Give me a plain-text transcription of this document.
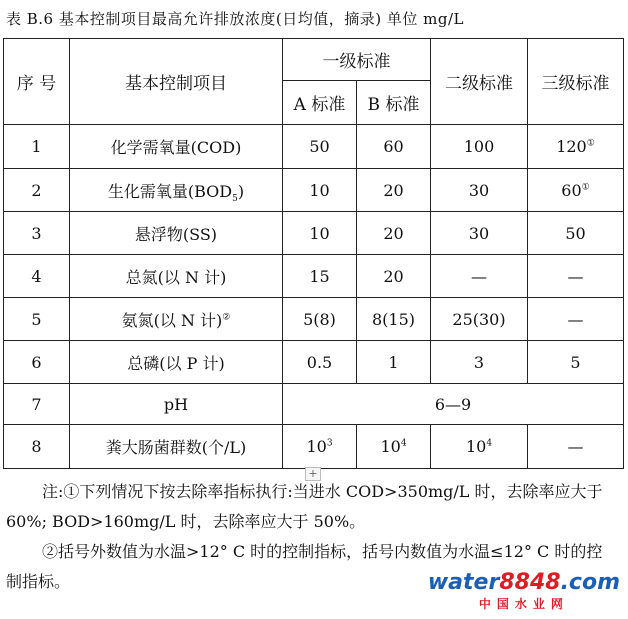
表 B.6 基本控制项目最高允许排放浓度(日均值，摘录) 单位 mg/L
序 号	基本控制项目	一级标准		二级标准	三级标准
		A 标准	B 标准		
1	化学需氧量(COD)	50	60	100	120①
2	生化需氧量$(BOD_5)$	10	20	30	60①
3	悬浮物(SS)	10	20	30	50
4	总氮(以 N 计)	15	20	—	—
5	氨氮(以 N 计)②	5(8)	8(15)	25(30)	—
6	总磷(以 P 计)	0.5	1	3	5
7	pH	6—9			
8	粪大肠菌群数(个/L)	$10^3$	$10^4$	$10^4$	—
+

注:①下列情况下按去除率指标执行:当进水 COD>350mg/L 时，去除率应大于 60%; BOD>160mg/L 时，去除率应大于 50%。

②括号外数值为水温>12° C 时的控制指标，括号内数值为水温≤12° C 时的控制指标。	water8848.com
中国水业网
